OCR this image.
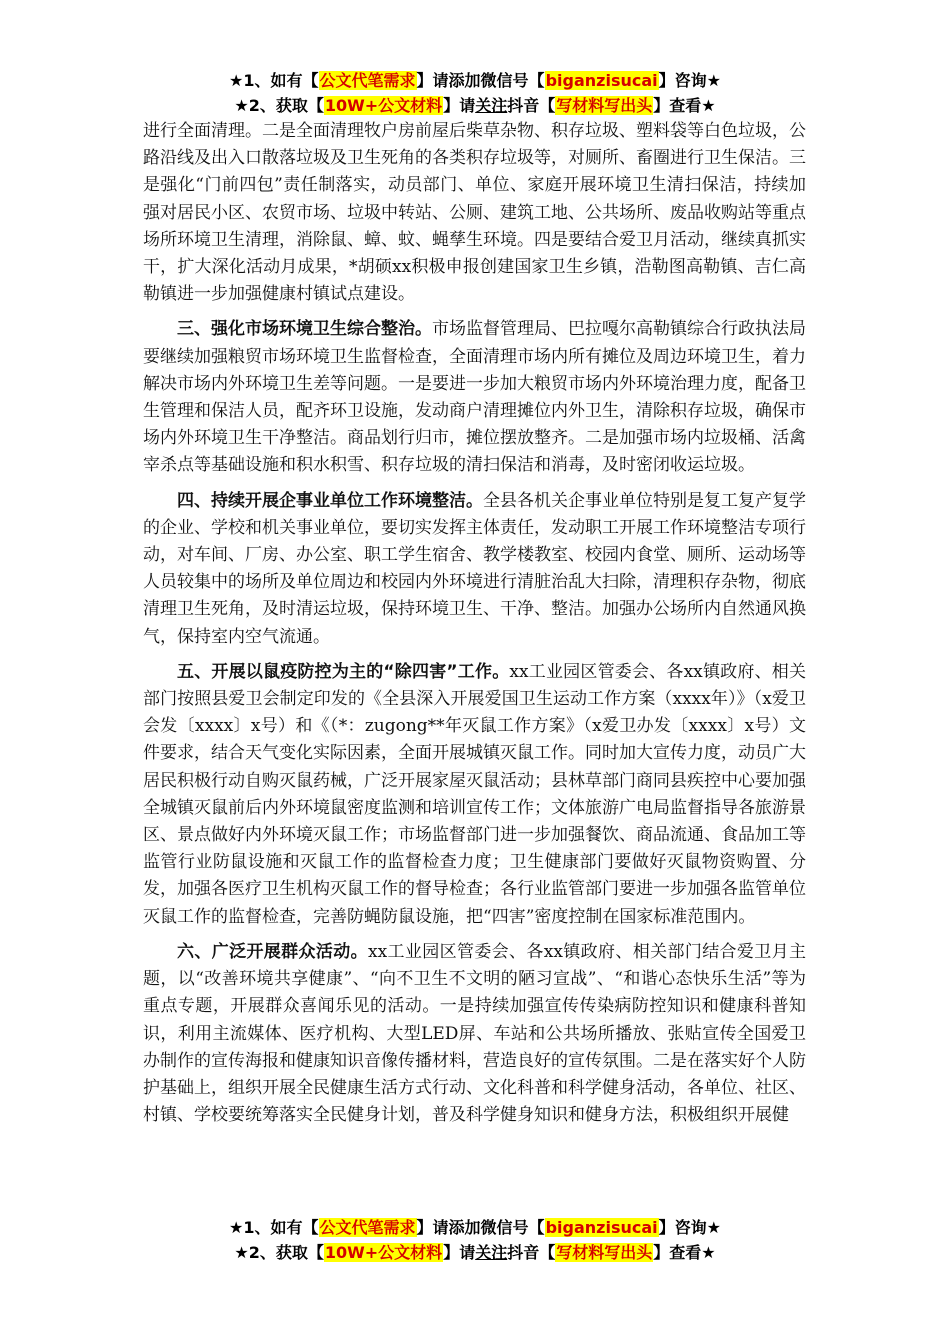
★1、如有【公文代笔需求】请添加微信号【biganzisucai】咨询★
★2、获取【10W+公文材料】请关注抖音【写材料写出头】查看★

进行全面清理。二是全面清理牧户房前屋后柴草杂物、积存垃圾、塑料袋等白色垃圾，公路沿线及出入口散落垃圾及卫生死角的各类积存垃圾等，对厕所、畜圈进行卫生保洁。三是强化“门前四包”责任制落实，动员部门、单位、家庭开展环境卫生清扫保洁，持续加强对居民小区、农贸市场、垃圾中转站、公厕、建筑工地、公共场所、废品收购站等重点场所环境卫生清理，消除鼠、蟑、蚊、蝇孳生环境。四是要结合爱卫月活动，继续真抓实干，扩大深化活动月成果，*胡硕xx积极申报创建国家卫生乡镇，浩勒图高勒镇、吉仁高勒镇进一步加强健康村镇试点建设。

三、强化市场环境卫生综合整治。市场监督管理局、巴拉嘎尔高勒镇综合行政执法局要继续加强粮贸市场环境卫生监督检查，全面清理市场内所有摊位及周边环境卫生，着力解决市场内外环境卫生差等问题。一是要进一步加大粮贸市场内外环境治理力度，配备卫生管理和保洁人员，配齐环卫设施，发动商户清理摊位内外卫生，清除积存垃圾，确保市场内外环境卫生干净整洁。商品划行归市，摊位摆放整齐。二是加强市场内垃圾桶、活禽宰杀点等基础设施和积水积雪、积存垃圾的清扫保洁和消毒，及时密闭收运垃圾。

四、持续开展企事业单位工作环境整洁。全县各机关企事业单位特别是复工复产复学的企业、学校和机关事业单位，要切实发挥主体责任，发动职工开展工作环境整洁专项行动，对车间、厂房、办公室、职工学生宿舍、教学楼教室、校园内食堂、厕所、运动场等人员较集中的场所及单位周边和校园内外环境进行清脏治乱大扫除，清理积存杂物，彻底清理卫生死角，及时清运垃圾，保持环境卫生、干净、整洁。加强办公场所内自然通风换气，保持室内空气流通。

五、开展以鼠疫防控为主的“除四害”工作。xx工业园区管委会、各xx镇政府、相关部门按照县爱卫会制定印发的《全县深入开展爱国卫生运动工作方案（xxxx年）》（x爱卫会发〔xxxx〕x号）和《（*：zugong**年灭鼠工作方案》（x爱卫办发〔xxxx〕x号）文件要求，结合天气变化实际因素，全面开展城镇灭鼠工作。同时加大宣传力度，动员广大居民积极行动自购灭鼠药械，广泛开展家屋灭鼠活动；县林草部门商同县疾控中心要加强全城镇灭鼠前后内外环境鼠密度监测和培训宣传工作；文体旅游广电局监督指导各旅游景区、景点做好内外环境灭鼠工作；市场监督部门进一步加强餐饮、商品流通、食品加工等监管行业防鼠设施和灭鼠工作的监督检查力度；卫生健康部门要做好灭鼠物资购置、分发，加强各医疗卫生机构灭鼠工作的督导检查；各行业监管部门要进一步加强各监管单位灭鼠工作的监督检查，完善防蝇防鼠设施，把“四害”密度控制在国家标准范围内。

六、广泛开展群众活动。xx工业园区管委会、各xx镇政府、相关部门结合爱卫月主题，以“改善环境共享健康”、“向不卫生不文明的陋习宣战”、“和谐心态快乐生活”等为重点专题，开展群众喜闻乐见的活动。一是持续加强宣传传染病防控知识和健康科普知识，利用主流媒体、医疗机构、大型LED屏、车站和公共场所播放、张贴宣传全国爱卫办制作的宣传海报和健康知识音像传播材料，营造良好的宣传氛围。二是在落实好个人防护基础上，组织开展全民健康生活方式行动、文化科普和科学健身活动，各单位、社区、村镇、学校要统筹落实全民健身计划，普及科学健身知识和健身方法，积极组织开展健

★1、如有【公文代笔需求】请添加微信号【biganzisucai】咨询★
★2、获取【10W+公文材料】请关注抖音【写材料写出头】查看★
